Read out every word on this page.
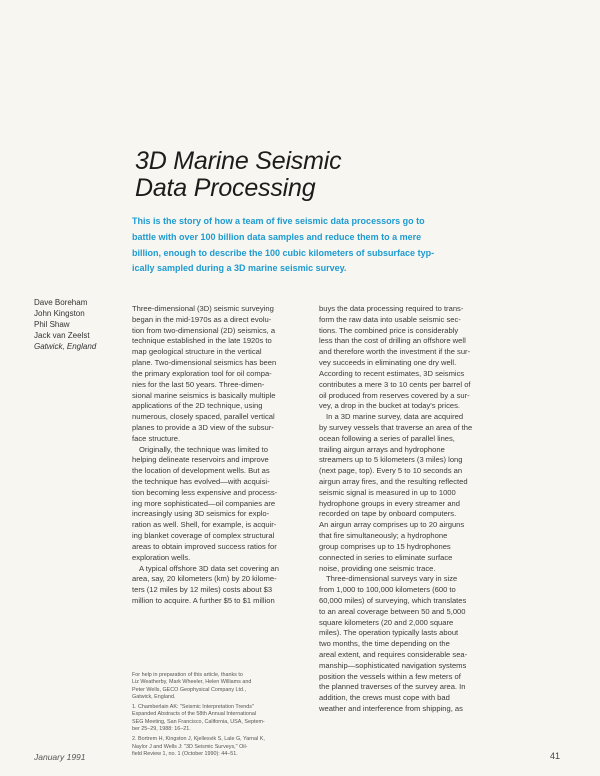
3D Marine Seismic
Data Processing
This is the story of how a team of five seismic data processors go to
battle with over 100 billion data samples and reduce them to a mere
billion, enough to describe the 100 cubic kilometers of subsurface typ-
ically sampled during a 3D marine seismic survey.
Dave Boreham
John Kingston
Phil Shaw
Jack van Zeelst
Gatwick, England
Three-dimensional (3D) seismic surveying
began in the mid-1970s as a direct evolu-
tion from two-dimensional (2D) seismics, a
technique established in the late 1920s to
map geological structure in the vertical
plane. Two-dimensional seismics has been
the primary exploration tool for oil compa-
nies for the last 50 years. Three-dimen-
sional marine seismics is basically multiple
applications of the 2D technique, using
numerous, closely spaced, parallel vertical
planes to provide a 3D view of the subsur-
face structure.
Originally, the technique was limited to
helping delineate reservoirs and improve
the location of development wells. But as
the technique has evolved—with acquisi-
tion becoming less expensive and process-
ing more sophisticated—oil companies are
increasingly using 3D seismics for explo-
ration as well. Shell, for example, is acquir-
ing blanket coverage of complex structural
areas to obtain improved success ratios for
exploration wells.
A typical offshore 3D data set covering an
area, say, 20 kilometers (km) by 20 kilome-
ters (12 miles by 12 miles) costs about $3
million to acquire. A further $5 to $1 million
buys the data processing required to trans-
form the raw data into usable seismic sec-
tions. The combined price is considerably
less than the cost of drilling an offshore well
and therefore worth the investment if the sur-
vey succeeds in eliminating one dry well.
According to recent estimates, 3D seismics
contributes a mere 3 to 10 cents per barrel of
oil produced from reserves covered by a sur-
vey, a drop in the bucket at today's prices.
In a 3D marine survey, data are acquired
by survey vessels that traverse an area of the
ocean following a series of parallel lines,
trailing airgun arrays and hydrophone
streamers up to 5 kilometers (3 miles) long
(next page, top). Every 5 to 10 seconds an
airgun array fires, and the resulting reflected
seismic signal is measured in up to 1000
hydrophone groups in every streamer and
recorded on tape by onboard computers.
An airgun array comprises up to 20 airguns
that fire simultaneously; a hydrophone
group comprises up to 15 hydrophones
connected in series to eliminate surface
noise, providing one seismic trace.
Three-dimensional surveys vary in size
from 1,000 to 100,000 kilometers (600 to
60,000 miles) of surveying, which translates
to an areal coverage between 50 and 5,000
square kilometers (20 and 2,000 square
miles). The operation typically lasts about
two months, the time depending on the
areal extent, and requires considerable sea-
manship—sophisticated navigation systems
position the vessels within a few meters of
the planned traverses of the survey area. In
addition, the crews must cope with bad
weather and interference from shipping, as
For help in preparation of this article, thanks to
Liz Weatherby, Mark Wheeler, Helen Williams and
Peter Wells, GECO Geophysical Company Ltd.,
Gatwick, England.
1. Chamberlain AK: "Seismic Interpretation Trends"
Expanded Abstracts of the 58th Annual International
SEG Meeting, San Francisco, California, USA, Septem-
ber 25–29, 1988: 16–21.
2. Bortrem H, Kingston J, Kjellesvik S, Lale G, Yarnal K,
Naylor J and Wells J: "3D Seismic Surveys," Oil-
field Review 1, no. 1 (October 1990): 44–51.
January 1991	41
